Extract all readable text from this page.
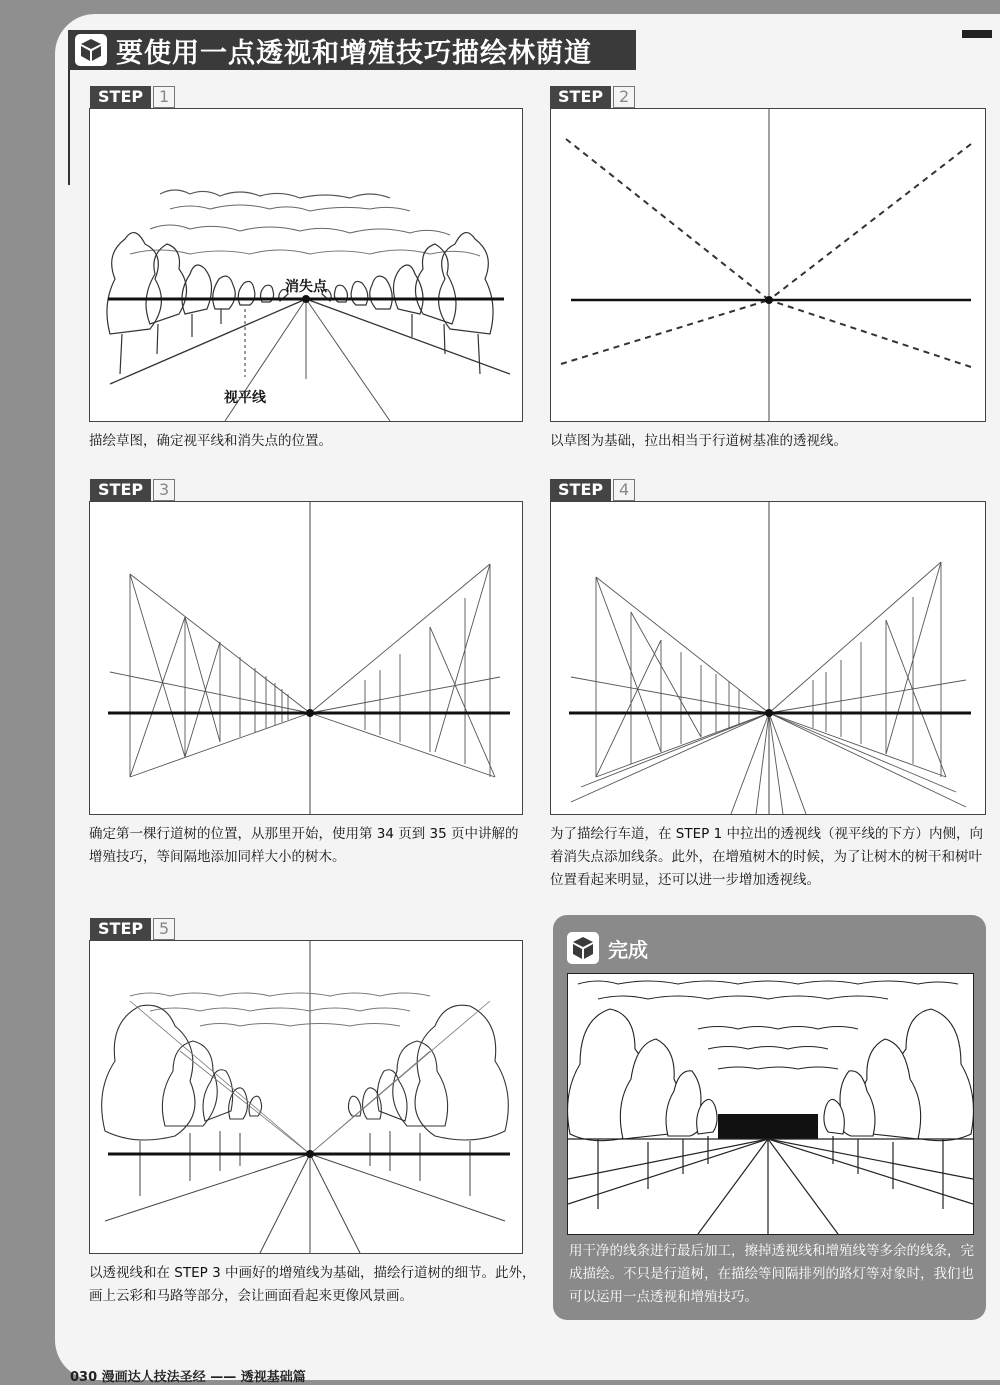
要使用一点透视和增殖技巧描绘林荫道
STEP 1
消失点
视平线

描绘草图，确定视平线和消失点的位置。

STEP 2

以草图为基础，拉出相当于行道树基准的透视线。

STEP 3

确定第一棵行道树的位置，从那里开始，使用第 34 页到 35 页中讲解的增殖技巧，等间隔地添加同样大小的树木。

STEP 4

为了描绘行车道，在 STEP 1 中拉出的透视线（视平线的下方）内侧，向着消失点添加线条。此外，在增殖树木的时候，为了让树木的树干和树叶位置看起来明显，还可以进一步增加透视线。

STEP 5

以透视线和在 STEP 3 中画好的增殖线为基础，描绘行道树的细节。此外，画上云彩和马路等部分，会让画面看起来更像风景画。

完成

用干净的线条进行最后加工，擦掉透视线和增殖线等多余的线条，完成描绘。不只是行道树，在描绘等间隔排列的路灯等对象时，我们也可以运用一点透视和增殖技巧。

030 漫画达人技法圣经 —— 透视基础篇
